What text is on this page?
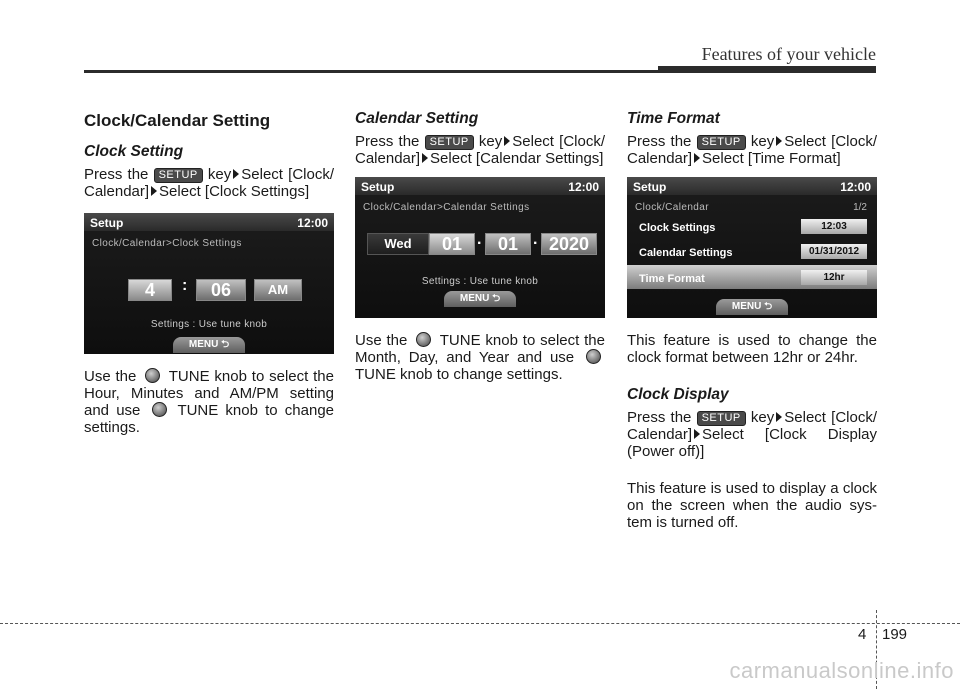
Features of your vehicle
Clock/Calendar Setting
Clock Setting

Press the SETUP key Select [Clock/ Calendar] Select [Clock Settings]

Setup	12:00
Clock/Calendar>Clock Settings
4	:	06	AM
Settings : Use tune knob
MENU ⮌

Use the  TUNE knob to select the Hour, Minutes and AM/PM setting and use  TUNE knob to change settings.

Calendar Setting

Press the SETUP key Select [Clock/ Calendar] Select [Calendar Settings]

Setup	12:00
Clock/Calendar>Calendar Settings
Wed	01 . 01 . 2020
Settings : Use tune knob
MENU ⮌

Use the  TUNE knob to select the Month, Day, and Year and use  TUNE knob to change settings.

Time Format

Press the SETUP key Select [Clock/ Calendar] Select [Time Format]

Setup	12:00
Clock/Calendar	1/2
Clock Settings	12:03
Calendar Settings	01/31/2012
Time Format	12hr
MENU ⮌

This feature is used to change the clock format between 12hr or 24hr.

Clock Display

Press the SETUP key Select [Clock/ Calendar] Select [Clock Display (Power off)]

This feature is used to display a clock on the screen when the audio sys- tem is turned off.

4 199
carmanualsonline.info
